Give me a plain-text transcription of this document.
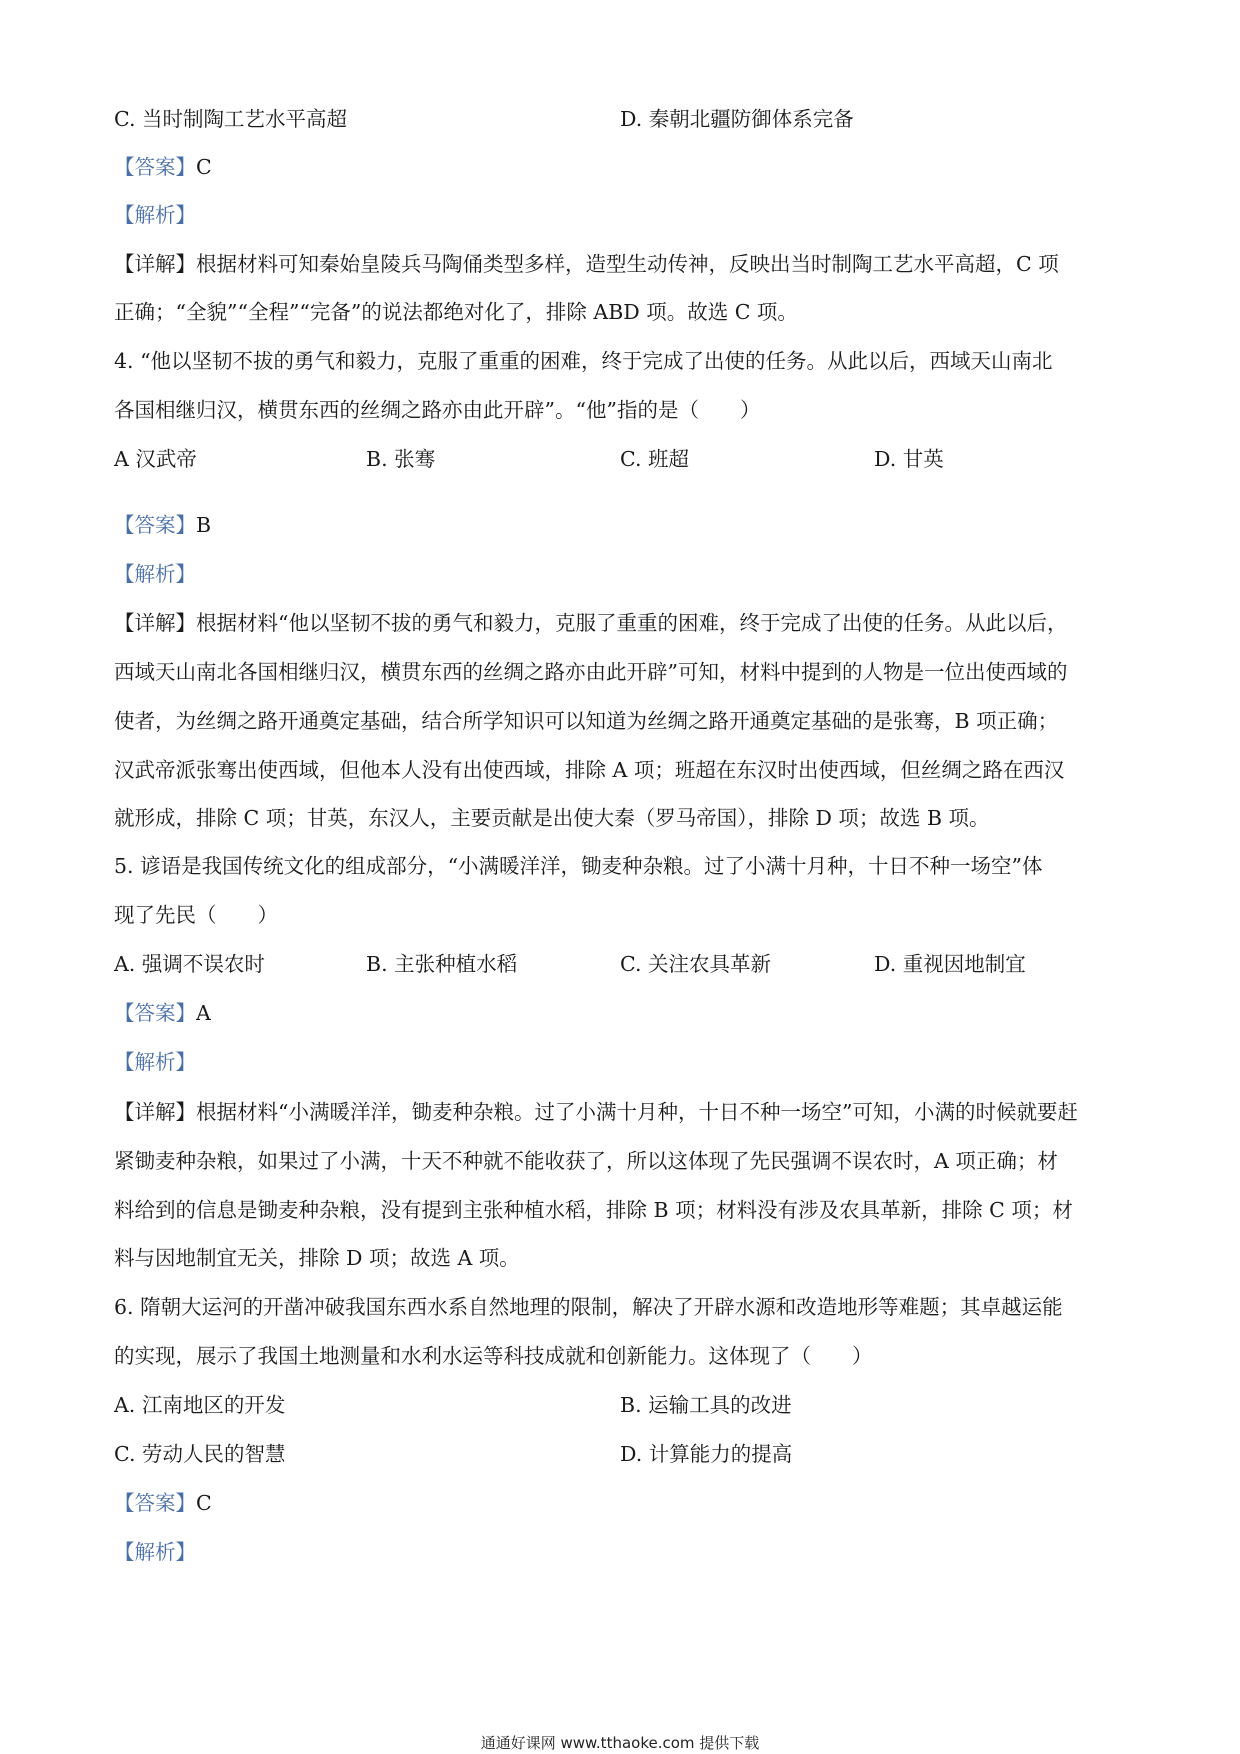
C. 当时制陶工艺水平高超	D. 秦朝北疆防御体系完备
【答案】C
【解析】
【详解】根据材料可知秦始皇陵兵马陶俑类型多样，造型生动传神，反映出当时制陶工艺水平高超，C 项
正确；“全貌”“全程”“完备”的说法都绝对化了，排除 ABD 项。故选 C 项。
4. “他以坚韧不拔的勇气和毅力，克服了重重的困难，终于完成了出使的任务。从此以后，西域天山南北
各国相继归汉，横贯东西的丝绸之路亦由此开辟”。“他”指的是（　　）
A 汉武帝	B. 张骞	C. 班超	D. 甘英
【答案】B
【解析】
【详解】根据材料“他以坚韧不拔的勇气和毅力，克服了重重的困难，终于完成了出使的任务。从此以后，
西域天山南北各国相继归汉，横贯东西的丝绸之路亦由此开辟”可知，材料中提到的人物是一位出使西域的
使者，为丝绸之路开通奠定基础，结合所学知识可以知道为丝绸之路开通奠定基础的是张骞，B 项正确；
汉武帝派张骞出使西域，但他本人没有出使西域，排除 A 项；班超在东汉时出使西域，但丝绸之路在西汉
就形成，排除 C 项；甘英，东汉人，主要贡献是出使大秦（罗马帝国），排除 D 项；故选 B 项。
5. 谚语是我国传统文化的组成部分，“小满暖洋洋，锄麦种杂粮。过了小满十月种，十日不种一场空”体
现了先民（　　）
A. 强调不误农时	B. 主张种植水稻	C. 关注农具革新	D. 重视因地制宜
【答案】A
【解析】
【详解】根据材料“小满暖洋洋，锄麦种杂粮。过了小满十月种，十日不种一场空”可知，小满的时候就要赶
紧锄麦种杂粮，如果过了小满，十天不种就不能收获了，所以这体现了先民强调不误农时，A 项正确；材
料给到的信息是锄麦种杂粮，没有提到主张种植水稻，排除 B 项；材料没有涉及农具革新，排除 C 项；材
料与因地制宜无关，排除 D 项；故选 A 项。
6. 隋朝大运河的开凿冲破我国东西水系自然地理的限制，解决了开辟水源和改造地形等难题；其卓越运能
的实现，展示了我国土地测量和水利水运等科技成就和创新能力。这体现了（　　）
A. 江南地区的开发	B. 运输工具的改进
C. 劳动人民的智慧	D. 计算能力的提高
【答案】C
【解析】
通通好课网 www.tthaoke.com 提供下载
